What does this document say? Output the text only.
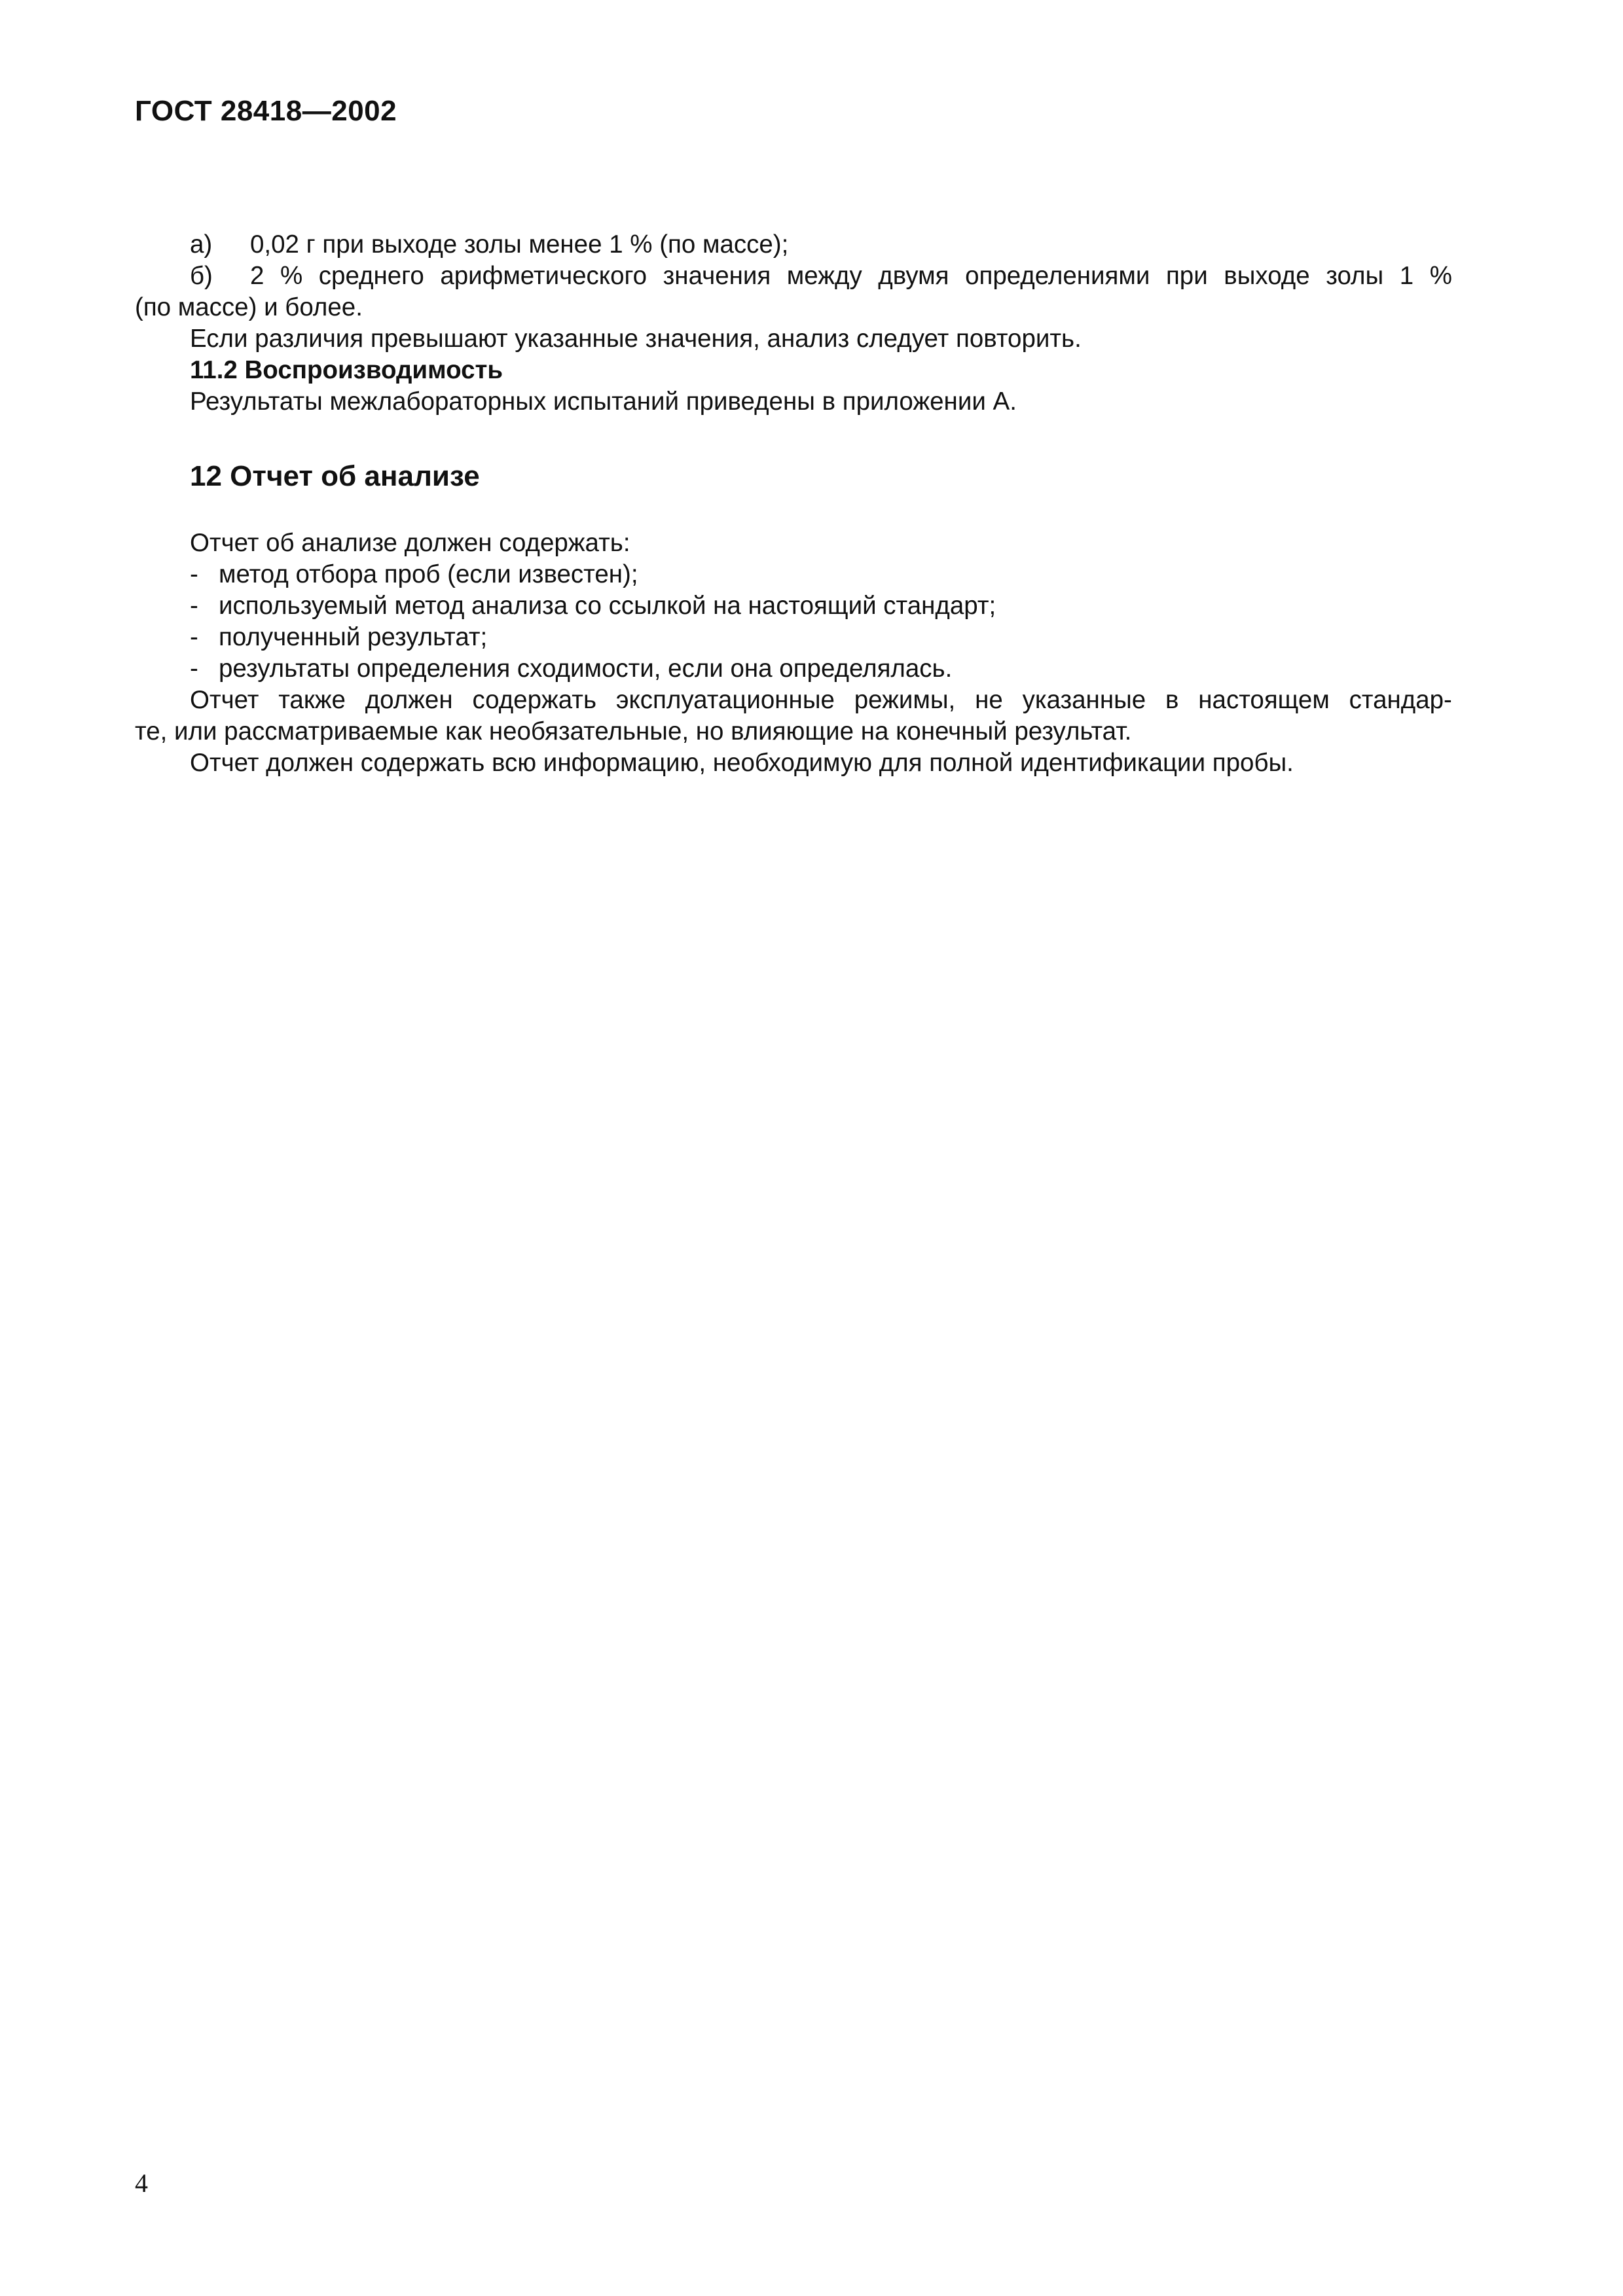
ГОСТ 28418—2002
а)	0,02 г при выходе золы менее 1 % (по массе);
б)	2 % среднего арифметического значения между двумя определениями при выходе золы 1 %
(по массе) и более.
Если различия превышают указанные значения, анализ следует повторить.
11.2 Воспроизводимость
Результаты межлабораторных испытаний приведены в приложении А.
12 Отчет об анализе
Отчет об анализе должен содержать:
- метод отбора проб (если известен);
- используемый метод анализа со ссылкой на настоящий стандарт;
- полученный результат;
- результаты определения сходимости, если она определялась.
Отчет также должен содержать эксплуатационные режимы, не указанные в настоящем стандар-
те, или рассматриваемые как необязательные, но влияющие на конечный результат.
Отчет должен содержать всю информацию, необходимую для полной идентификации пробы.
4
